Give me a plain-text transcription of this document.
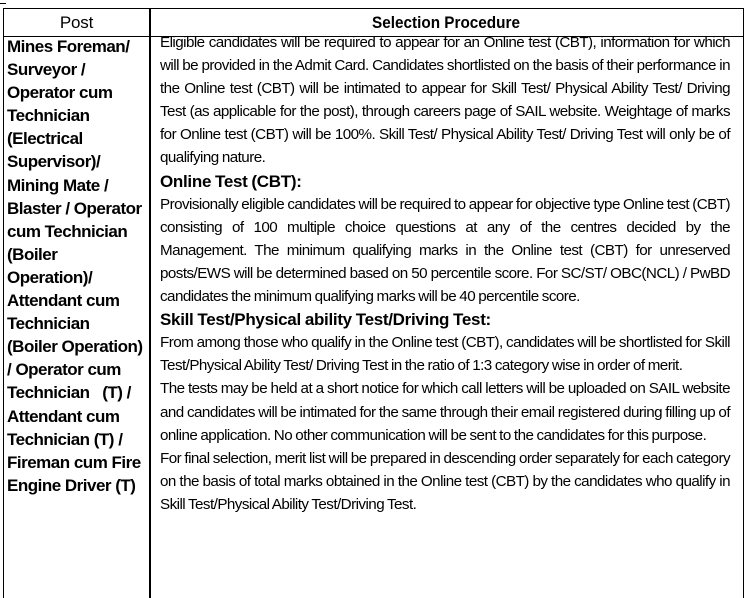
Post	Selection Procedure
Mines Foreman/
Surveyor /
Operator cum
Technician
(Electrical
Supervisor)/
Mining Mate /
Blaster / Operator
cum Technician
(Boiler
Operation)/
Attendant cum
Technician
(Boiler Operation)
/ Operator cum
Technician   (T) /
Attendant cum
Technician (T) /
Fireman cum Fire
Engine Driver (T)

Eligible candidates will be required to appear for an Online test (CBT), information for which will be provided in the Admit Card. Candidates shortlisted on the basis of their performance in the Online test (CBT) will be intimated to appear for Skill Test/ Physical Ability Test/ Driving Test (as applicable for the post), through careers page of SAIL website. Weightage of marks for Online test (CBT) will be 100%. Skill Test/ Physical Ability Test/ Driving Test will only be of qualifying nature.

Online Test (CBT):

Provisionally eligible candidates will be required to appear for objective type Online test (CBT) consisting of 100 multiple choice questions at any of the centres decided by the Management. The minimum qualifying marks in the Online test (CBT) for unreserved posts/EWS will be determined based on 50 percentile score. For SC/ST/ OBC(NCL) / PwBD candidates the minimum qualifying marks will be 40 percentile score.

Skill Test/Physical ability Test/Driving Test:

From among those who qualify in the Online test (CBT), candidates will be shortlisted for Skill Test/Physical Ability Test/ Driving Test in the ratio of 1:3 category wise in order of merit.

The tests may be held at a short notice for which call letters will be uploaded on SAIL website and candidates will be intimated for the same through their email registered during filling up of online application. No other communication will be sent to the candidates for this purpose.

For final selection, merit list will be prepared in descending order separately for each category on the basis of total marks obtained in the Online test (CBT) by the candidates who qualify in Skill Test/Physical Ability Test/Driving Test.
